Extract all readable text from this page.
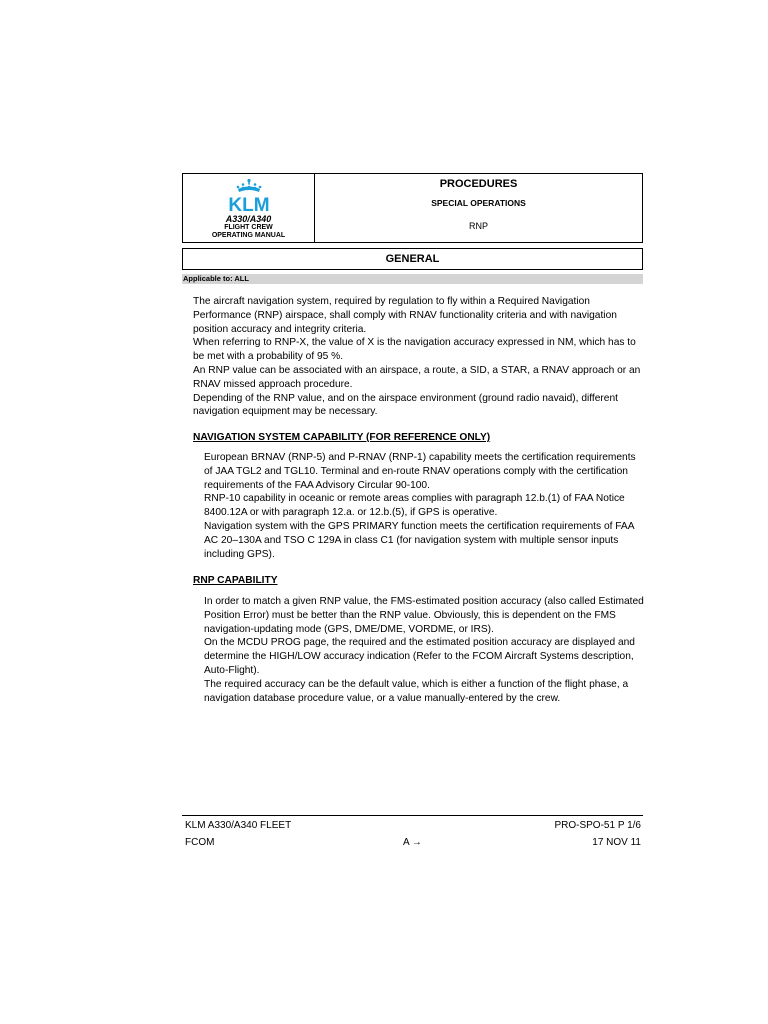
KLM
A330/A340
FLIGHT CREW
OPERATING MANUAL
PROCEDURES
SPECIAL OPERATIONS
RNP
GENERAL
Applicable to: ALL
The aircraft navigation system, required by regulation to fly within a Required Navigation
Performance (RNP) airspace, shall comply with RNAV functionality criteria and with navigation
position accuracy and integrity criteria.
When referring to RNP-X, the value of X is the navigation accuracy expressed in NM, which has to
be met with a probability of 95 %.
An RNP value can be associated with an airspace, a route, a SID, a STAR, a RNAV approach or an
RNAV missed approach procedure.
Depending of the RNP value, and on the airspace environment (ground radio navaid), different
navigation equipment may be necessary.
NAVIGATION SYSTEM CAPABILITY (FOR REFERENCE ONLY)
European BRNAV (RNP-5) and P-RNAV (RNP-1) capability meets the certification requirements
of JAA TGL2 and TGL10. Terminal and en-route RNAV operations comply with the certification
requirements of the FAA Advisory Circular 90-100.
RNP-10 capability in oceanic or remote areas complies with paragraph 12.b.(1) of FAA Notice
8400.12A or with paragraph 12.a. or 12.b.(5), if GPS is operative.
Navigation system with the GPS PRIMARY function meets the certification requirements of FAA
AC 20–130A and TSO C 129A in class C1 (for navigation system with multiple sensor inputs
including GPS).
RNP CAPABILITY
In order to match a given RNP value, the FMS-estimated position accuracy (also called Estimated
Position Error) must be better than the RNP value. Obviously, this is dependent on the FMS
navigation-updating mode (GPS, DME/DME, VORDME, or IRS).
On the MCDU PROG page, the required and the estimated position accuracy are displayed and
determine the HIGH/LOW accuracy indication (Refer to the FCOM Aircraft Systems description,
Auto-Flight).
The required accuracy can be the default value, which is either a function of the flight phase, a
navigation database procedure value, or a value manually-entered by the crew.
KLM A330/A340 FLEET
FCOM	A →
PRO-SPO-51 P 1/6
17 NOV 11
